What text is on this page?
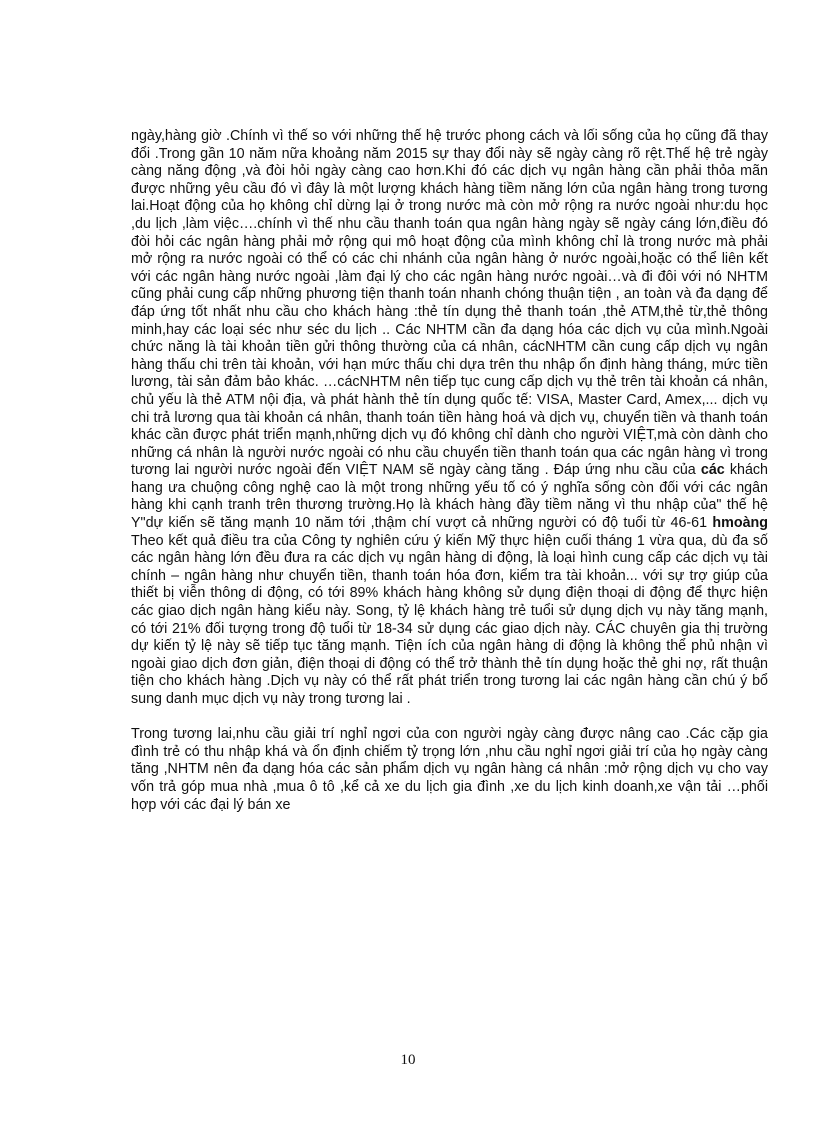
ngày,hàng giờ .Chính vì thế so với những thế hệ trước phong cách và lối sống của họ cũng đã thay đổi .Trong gần 10 năm nữa khoảng năm 2015 sự thay đổi này sẽ ngày càng rõ rệt.Thế hệ trẻ ngày càng năng động ,và đòi hỏi ngày càng cao hơn.Khi đó các dịch vụ ngân hàng cần phải thỏa mãn được những yêu cầu đó vì đây là một lượng khách hàng tiềm năng lớn của ngân hàng trong tương lai.Hoạt động của họ không chỉ dừng lại ở trong nước mà còn mở rộng ra nước ngoài như:du học ,du lịch ,làm việc….chính vì thế nhu cầu thanh toán qua ngân hàng ngày sẽ ngày cáng lớn,điều đó đòi hỏi các ngân hàng phải mở rộng qui mô hoạt động của mình không chỉ là trong nước mà phải mở rộng ra nước ngoài có thể có các chi nhánh của ngân hàng ở nước ngoài,hoặc có thể liên kết với các ngân hàng nước ngoài ,làm đại lý cho các ngân hàng nước ngoài…và đi đôi với nó NHTM cũng phải cung cấp những phương tiện thanh toán nhanh chóng thuận tiện , an toàn và đa dạng để đáp ứng tốt nhất nhu cầu cho khách hàng :thẻ tín dụng thẻ thanh toán ,thẻ ATM,thẻ từ,thẻ thông minh,hay các loại séc như séc du lịch .. Các NHTM cần đa dạng hóa các dịch vụ của mình.Ngoài chức năng là tài khoản tiền gửi thông thường của cá nhân, cácNHTM cần cung cấp dịch vụ ngân hàng thấu chi trên tài khoản, với hạn mức thấu chi dựa trên thu nhập ổn định hàng tháng, mức tiền lương, tài sản đảm bảo khác. …cácNHTM nên tiếp tục cung cấp dịch vụ thẻ trên tài khoản cá nhân, chủ yếu là thẻ ATM nội địa, và phát hành thẻ tín dụng quốc tế: VISA, Master Card, Amex,... dịch vụ chi trả lương qua tài khoản cá nhân, thanh toán tiền hàng hoá và dịch vụ, chuyển tiền và thanh toán khác cần được phát triển mạnh,những dịch vụ đó không chỉ dành cho người VIỆT,mà còn dành cho những cá nhân là người nước ngoài có nhu cầu chuyển tiền thanh toán qua các ngân hàng vì trong tương lai người nước ngoài đến VIỆT NAM sẽ ngày càng tăng . Đáp ứng nhu cầu của các khách hang ưa chuộng công nghệ cao là một trong những yếu tố có ý nghĩa sống còn đối với các ngân hàng khi cạnh tranh trên thương trường.Họ là khách hàng đầy tiềm năng vì thu nhập của" thế hệ Y"dự kiến sẽ tăng mạnh 10 năm tới ,thậm chí vượt cả những người có độ tuổi từ 46-61 hmoàng Theo kết quả điều tra của Công ty nghiên cứu ý kiến Mỹ thực hiện cuối tháng 1 vừa qua, dù đa số các ngân hàng lớn đều đưa ra các dịch vụ ngân hàng di động, là loại hình cung cấp các dịch vụ tài chính – ngân hàng như chuyển tiền, thanh toán hóa đơn, kiểm tra tài khoản... với sự trợ giúp của thiết bị viễn thông di động, có tới 89% khách hàng không sử dụng điện thoại di động để thực hiện các giao dịch ngân hàng kiểu này. Song, tỷ lệ khách hàng trẻ tuổi sử dụng dịch vụ này tăng mạnh, có tới 21% đối tượng trong độ tuổi từ 18-34 sử dụng các giao dịch này. CÁC chuyên gia thị trường dự kiến tỷ lệ này sẽ tiếp tục tăng mạnh. Tiện ích của ngân hàng di động là không thể phủ nhận vì ngoài giao dịch đơn giản, điện thoại di động có thể trở thành thẻ tín dụng hoặc thẻ ghi nợ, rất thuận tiện cho khách hàng .Dịch vụ này có thể rất phát triển trong tương lai các ngân hàng cần chú ý bổ sung danh mục dịch vụ này trong tương lai .

Trong tương lai,nhu cầu giải trí nghỉ ngơi của con người ngày càng được nâng cao .Các cặp gia đình trẻ có thu nhập khá và ổn định chiếm tỷ trọng lớn ,nhu cầu nghỉ ngơi giải trí của họ ngày càng tăng ,NHTM nên đa dạng hóa các sản phẩm dịch vụ ngân hàng cá nhân :mở rộng dịch vụ cho vay vốn trả góp mua nhà ,mua ô tô ,kể cả xe du lịch gia đình ,xe du lịch kinh doanh,xe vận tải …phối hợp với các đại lý bán xe

10
